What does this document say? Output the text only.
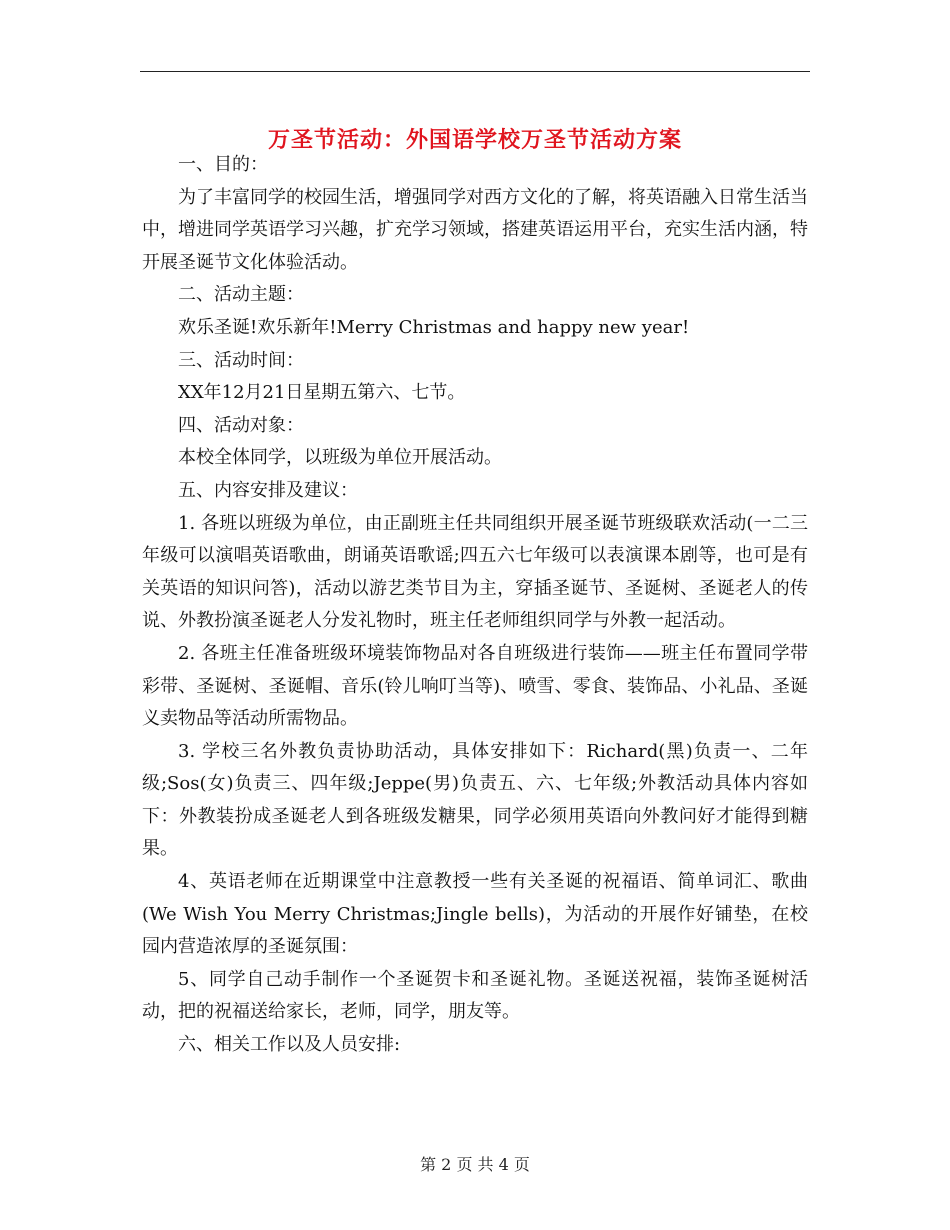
万圣节活动：外国语学校万圣节活动方案

一、目的：

为了丰富同学的校园生活，增强同学对西方文化的了解，将英语融入日常生活当中，增进同学英语学习兴趣，扩充学习领域，搭建英语运用平台，充实生活内涵，特开展圣诞节文化体验活动。

二、活动主题：

欢乐圣诞!欢乐新年!Merry Christmas and happy new year!

三、活动时间：

XX年12月21日星期五第六、七节。

四、活动对象：

本校全体同学，以班级为单位开展活动。

五、内容安排及建议：

1. 各班以班级为单位，由正副班主任共同组织开展圣诞节班级联欢活动(一二三年级可以演唱英语歌曲，朗诵英语歌谣;四五六七年级可以表演课本剧等，也可是有关英语的知识问答)，活动以游艺类节目为主，穿插圣诞节、圣诞树、圣诞老人的传说、外教扮演圣诞老人分发礼物时，班主任老师组织同学与外教一起活动。

2. 各班主任准备班级环境装饰物品对各自班级进行装饰——班主任布置同学带彩带、圣诞树、圣诞帽、音乐(铃儿响叮当等)、喷雪、零食、装饰品、小礼品、圣诞义卖物品等活动所需物品。

3. 学校三名外教负责协助活动，具体安排如下：Richard(黑)负责一、二年级;Sos(女)负责三、四年级;Jeppe(男)负责五、六、七年级;外教活动具体内容如下：外教装扮成圣诞老人到各班级发糖果，同学必须用英语向外教问好才能得到糖果。

4、英语老师在近期课堂中注意教授一些有关圣诞的祝福语、简单词汇、歌曲(We Wish You Merry Christmas;Jingle bells)，为活动的开展作好铺垫，在校园内营造浓厚的圣诞氛围：

5、同学自己动手制作一个圣诞贺卡和圣诞礼物。圣诞送祝福，装饰圣诞树活动，把的祝福送给家长，老师，同学，朋友等。

六、相关工作以及人员安排:

第 2 页 共 4 页
